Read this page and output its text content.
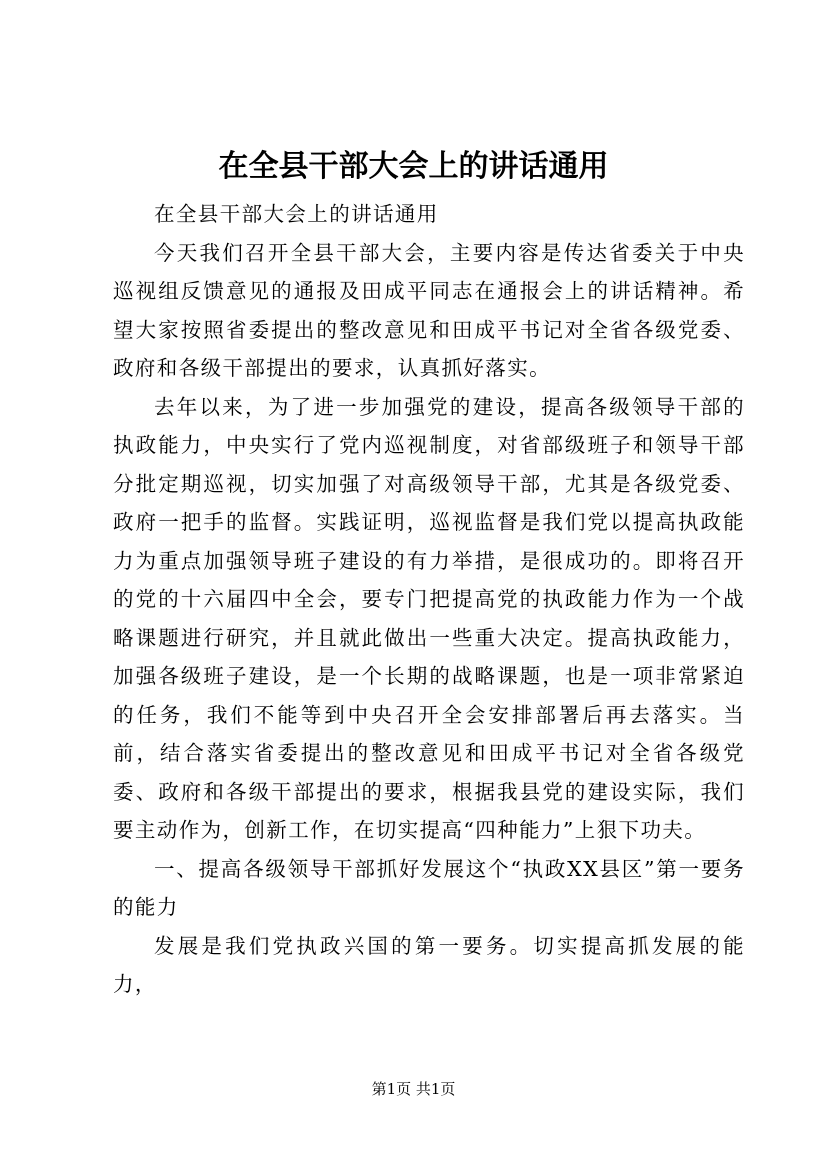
在全县干部大会上的讲话通用

在全县干部大会上的讲话通用

今天我们召开全县干部大会，主要内容是传达省委关于中央巡视组反馈意见的通报及田成平同志在通报会上的讲话精神。希望大家按照省委提出的整改意见和田成平书记对全省各级党委、政府和各级干部提出的要求，认真抓好落实。

去年以来，为了进一步加强党的建设，提高各级领导干部的执政能力，中央实行了党内巡视制度，对省部级班子和领导干部分批定期巡视，切实加强了对高级领导干部，尤其是各级党委、政府一把手的监督。实践证明，巡视监督是我们党以提高执政能力为重点加强领导班子建设的有力举措，是很成功的。即将召开的党的十六届四中全会，要专门把提高党的执政能力作为一个战略课题进行研究，并且就此做出一些重大决定。提高执政能力，加强各级班子建设，是一个长期的战略课题，也是一项非常紧迫的任务，我们不能等到中央召开全会安排部署后再去落实。当前，结合落实省委提出的整改意见和田成平书记对全省各级党委、政府和各级干部提出的要求，根据我县党的建设实际，我们要主动作为，创新工作，在切实提高“四种能力”上狠下功夫。

一、提高各级领导干部抓好发展这个“执政XX县区”第一要务的能力

发展是我们党执政兴国的第一要务。切实提高抓发展的能力，

第1页 共1页
